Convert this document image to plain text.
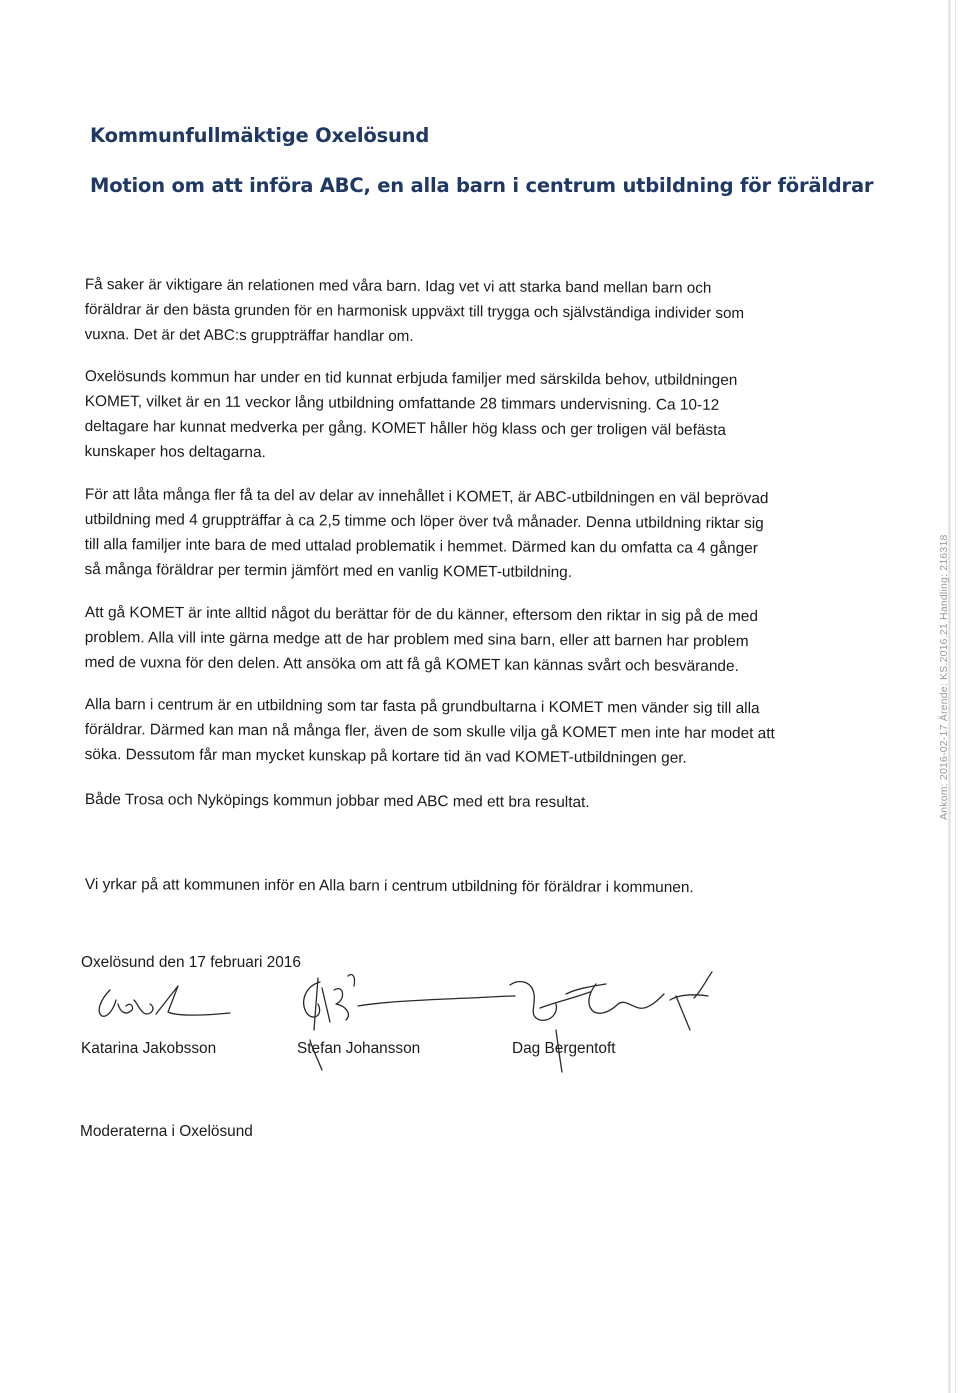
Kommunfullmäktige Oxelösund
Motion om att införa ABC, en alla barn i centrum utbildning för föräldrar
Få saker är viktigare än relationen med våra barn. Idag vet vi att starka band mellan barn och
föräldrar är den bästa grunden för en harmonisk uppväxt till trygga och självständiga individer som
vuxna. Det är det ABC:s gruppträffar handlar om.
Oxelösunds kommun har under en tid kunnat erbjuda familjer med särskilda behov, utbildningen
KOMET, vilket är en 11 veckor lång utbildning omfattande 28 timmars undervisning. Ca 10-12
deltagare har kunnat medverka per gång. KOMET håller hög klass och ger troligen väl befästa
kunskaper hos deltagarna.
För att låta många fler få ta del av delar av innehållet i KOMET, är ABC-utbildningen en väl beprövad
utbildning med 4 gruppträffar à ca 2,5 timme och löper över två månader. Denna utbildning riktar sig
till alla familjer inte bara de med uttalad problematik i hemmet. Därmed kan du omfatta ca 4 gånger
så många föräldrar per termin jämfört med en vanlig KOMET-utbildning.
Att gå KOMET är inte alltid något du berättar för de du känner, eftersom den riktar in sig på de med
problem. Alla vill inte gärna medge att de har problem med sina barn, eller att barnen har problem
med de vuxna för den delen. Att ansöka om att få gå KOMET kan kännas svårt och besvärande.
Alla barn i centrum är en utbildning som tar fasta på grundbultarna i KOMET men vänder sig till alla
föräldrar. Därmed kan man nå många fler, även de som skulle vilja gå KOMET men inte har modet att
söka. Dessutom får man mycket kunskap på kortare tid än vad KOMET-utbildningen ger.
Både Trosa och Nyköpings kommun jobbar med ABC med ett bra resultat.
Vi yrkar på att kommunen inför en Alla barn i centrum utbildning för föräldrar i kommunen.

Oxelösund den 17 februari 2016

Katarina Jakobsson	Stefan Johansson	Dag Bergentoft

Moderaterna i Oxelösund

Ankom: 2016-02-17 Ärende: KS.2016.21 Handling: 216318
